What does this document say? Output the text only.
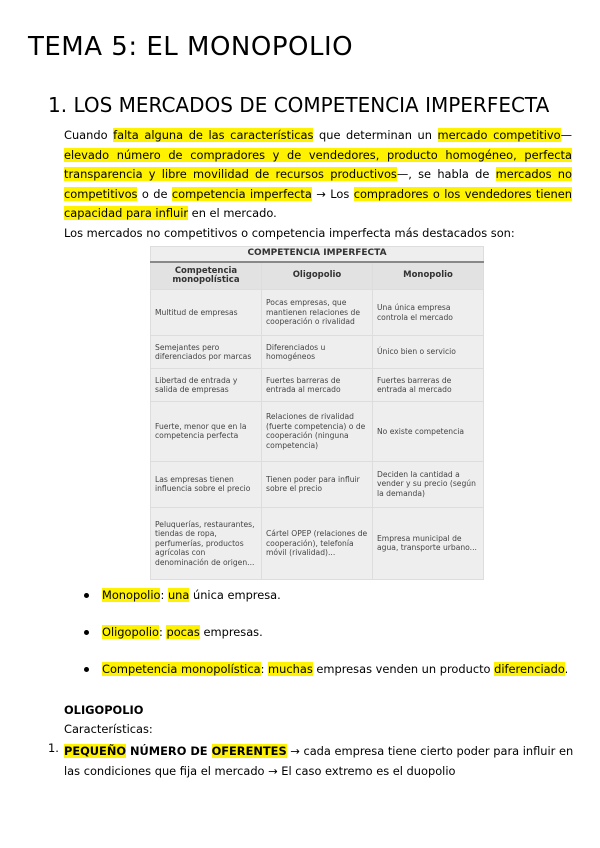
TEMA 5: EL MONOPOLIO
1. LOS MERCADOS DE COMPETENCIA IMPERFECTA
Cuando falta alguna de las características que determinan un mercado competitivo—elevado número de compradores y de vendedores, producto homogéneo, perfecta transparencia y libre movilidad de recursos productivos—, se habla de mercados no competitivos o de competencia imperfecta → Los compradores o los vendedores tienen capacidad para influir en el mercado.
Los mercados no competitivos o competencia imperfecta más destacados son:
COMPETENCIA IMPERFECTA		
Competencia monopolística	Oligopolio	Monopolio
Multitud de empresas	Pocas empresas, que mantienen relaciones de cooperación o rivalidad	Una única empresa controla el mercado
Semejantes pero diferenciados por marcas	Diferenciados u homogéneos	Único bien o servicio
Libertad de entrada y salida de empresas	Fuertes barreras de entrada al mercado	Fuertes barreras de entrada al mercado
Fuerte, menor que en la competencia perfecta	Relaciones de rivalidad (fuerte competencia) o de cooperación (ninguna competencia)	No existe competencia
Las empresas tienen influencia sobre el precio	Tienen poder para influir sobre el precio	Deciden la cantidad a vender y su precio (según la demanda)
Peluquerías, restaurantes, tiendas de ropa, perfumerías, productos agrícolas con denominación de origen...	Cártel OPEP (relaciones de cooperación), telefonía móvil (rivalidad)...	Empresa municipal de agua, transporte urbano...
Monopolio: una única empresa.
Oligopolio: pocas empresas.
Competencia monopolística: muchas empresas venden un producto diferenciado.
OLIGOPOLIO
Características:
1. PEQUEÑO NÚMERO DE OFERENTES → cada empresa tiene cierto poder para influir en las condiciones que fija el mercado → El caso extremo es el duopolio
